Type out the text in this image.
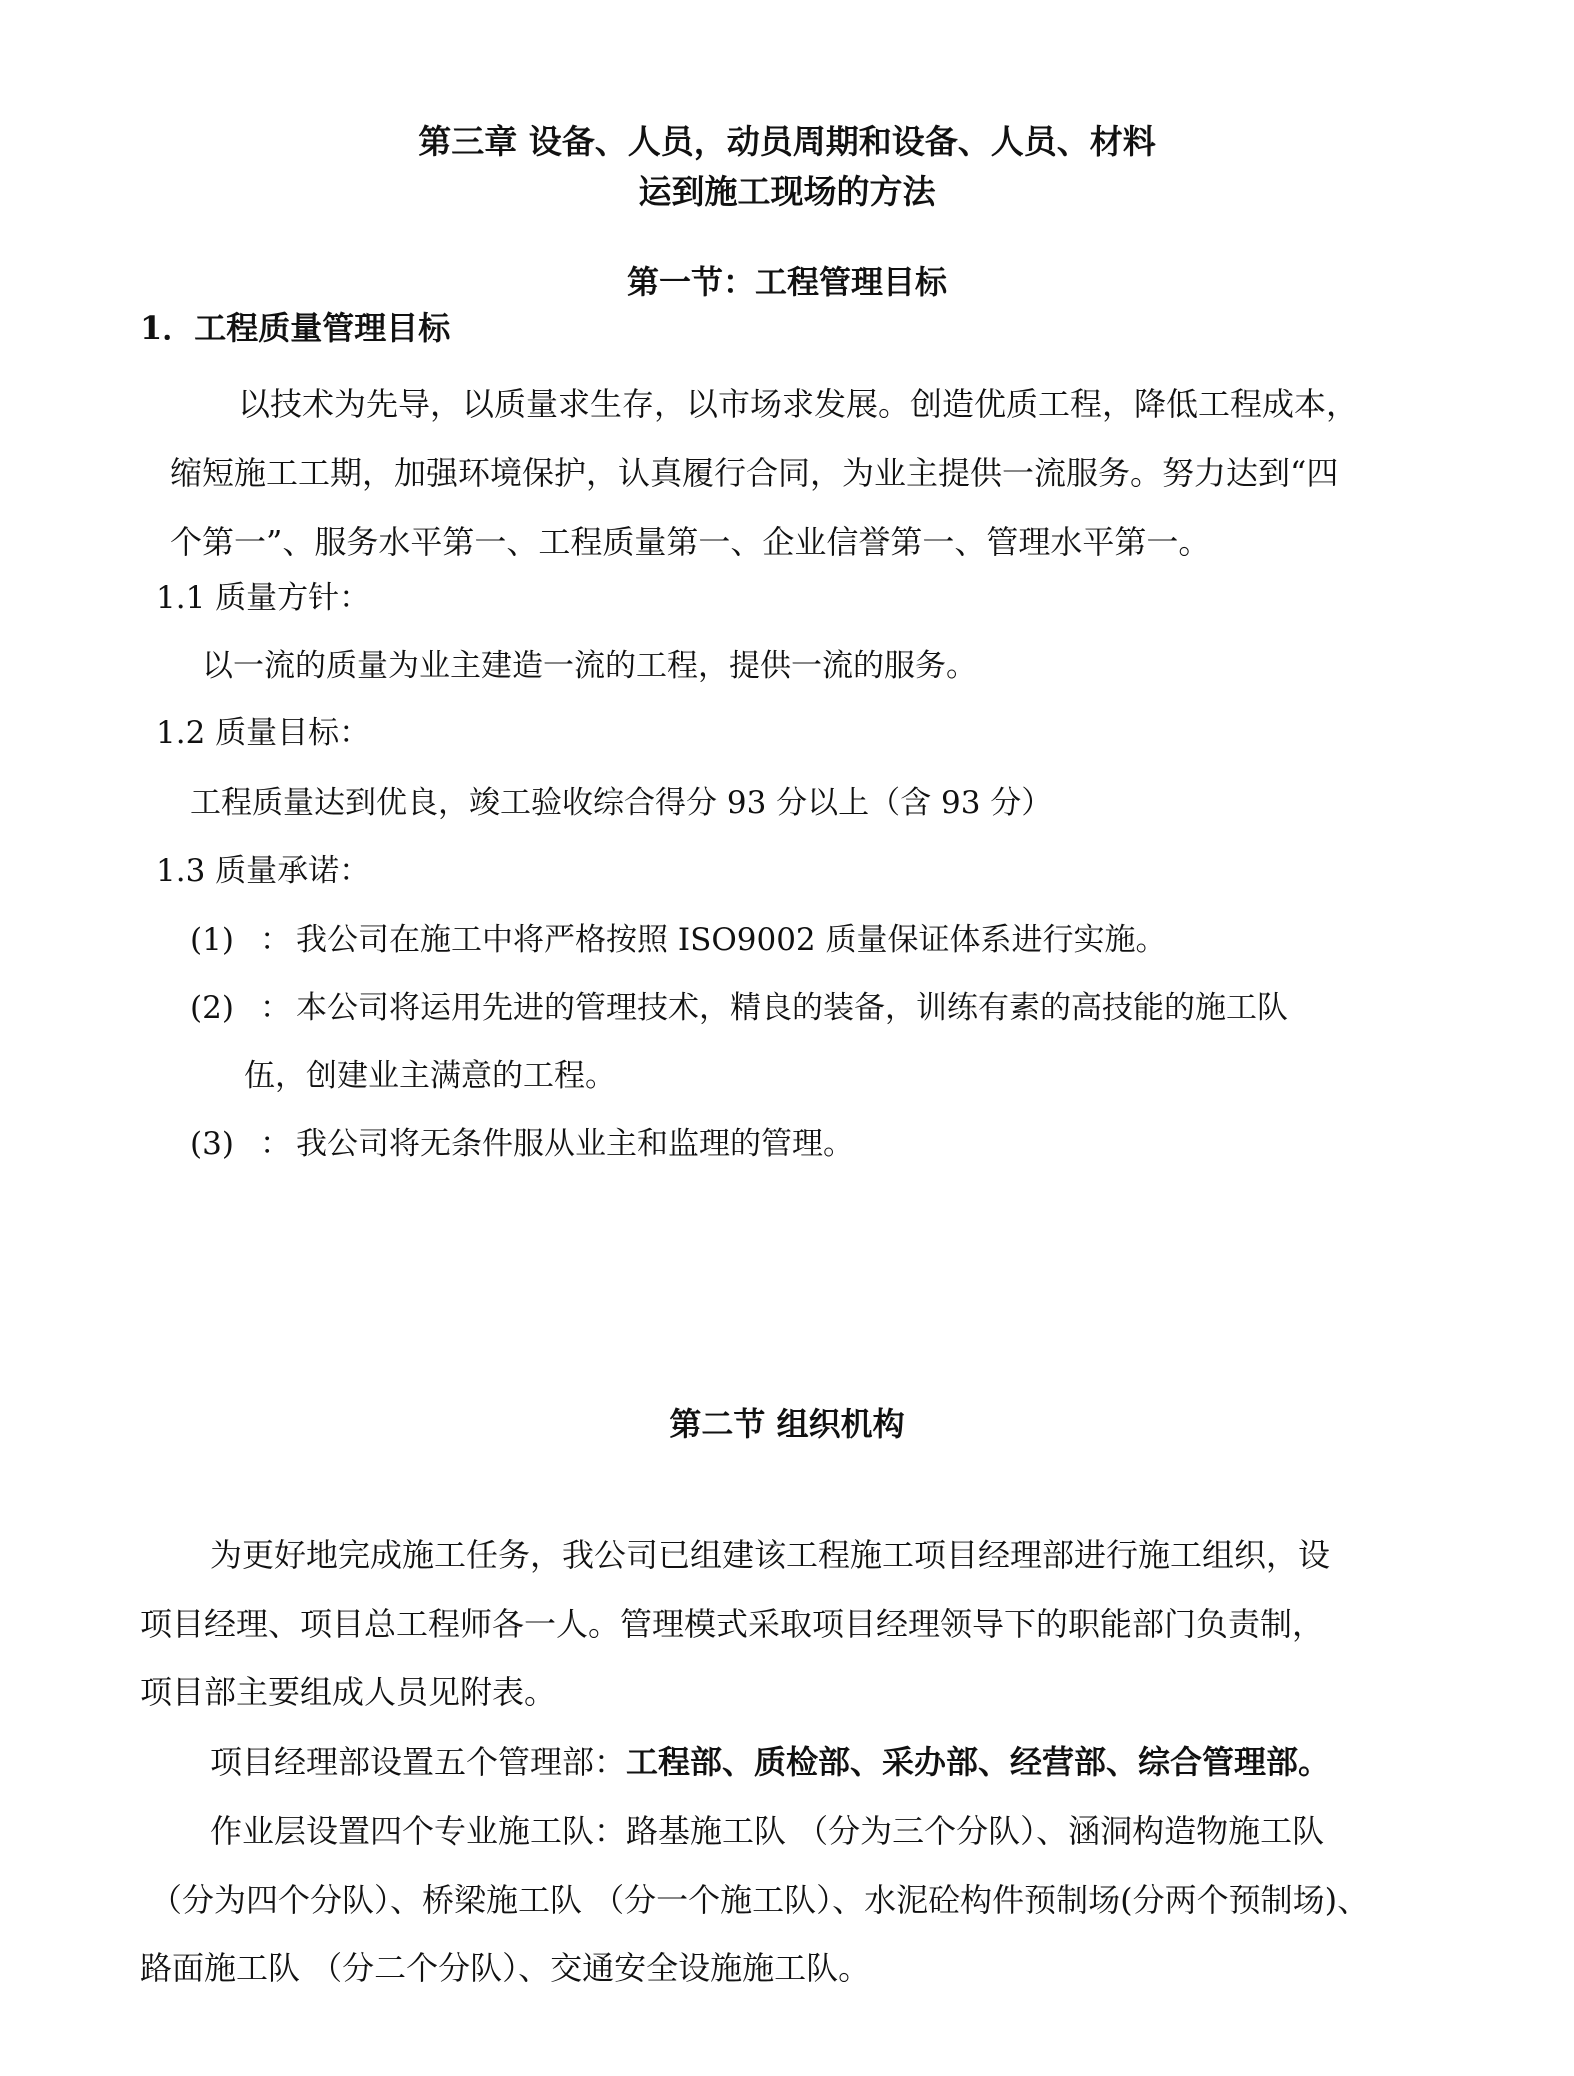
第三章 设备、人员，动员周期和设备、人员、材料
运到施工现场的方法
第一节：工程管理目标
1．工程质量管理目标
以技术为先导，以质量求生存，以市场求发展。创造优质工程，降低工程成本，
缩短施工工期，加强环境保护，认真履行合同，为业主提供一流服务。努力达到“四
个第一”、服务水平第一、工程质量第一、企业信誉第一、管理水平第一。
1.1 质量方针：
以一流的质量为业主建造一流的工程，提供一流的服务。
1.2 质量目标：
工程质量达到优良，竣工验收综合得分 93 分以上（含 93 分）
1.3 质量承诺：
(1) ： 我公司在施工中将严格按照 ISO9002 质量保证体系进行实施。
(2) ： 本公司将运用先进的管理技术，精良的装备，训练有素的高技能的施工队
伍，创建业主满意的工程。
(3) ： 我公司将无条件服从业主和监理的管理。
第二节 组织机构
为更好地完成施工任务，我公司已组建该工程施工项目经理部进行施工组织，设
项目经理、项目总工程师各一人。管理模式采取项目经理领导下的职能部门负责制，
项目部主要组成人员见附表。
项目经理部设置五个管理部：工程部、质检部、采办部、经营部、综合管理部。
作业层设置四个专业施工队：路基施工队 （分为三个分队）、涵洞构造物施工队
（分为四个分队）、桥梁施工队 （分一个施工队）、水泥砼构件预制场(分两个预制场)、
路面施工队 （分二个分队）、交通安全设施施工队。
